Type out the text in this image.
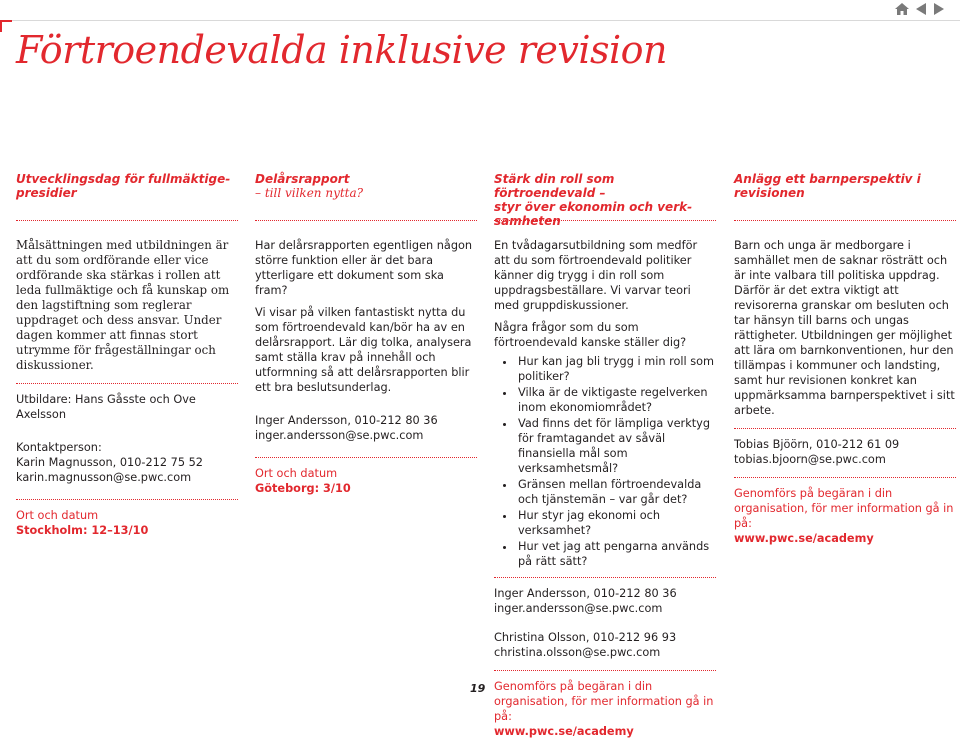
Förtroendevalda inklusive revision
Utvecklingsdag för fullmäktige-
presidier

Målsättningen med utbildningen är att du som ordförande eller vice ordförande ska stärkas i rollen att leda fullmäktige och få kunskap om den lagstiftning som reglerar uppdraget och dess ansvar. Under dagen kommer att finnas stort utrymme för frågeställningar och diskussioner.

Utbildare: Hans Gåsste och Ove Axelsson
Kontaktperson:
Karin Magnusson, 010-212 75 52
karin.magnusson@se.pwc.com
Ort och datum
Stockholm: 12–13/10
Delårsrapport
– till vilken nytta?

Har delårsrapporten egentligen någon större funktion eller är det bara ytterligare ett dokument som ska fram?

Vi visar på vilken fantastiskt nytta du som förtroendevald kan/bör ha av en delårsrapport. Lär dig tolka, analysera samt ställa krav på innehåll och utformning så att delårsrapporten blir ett bra beslutsunderlag.

Inger Andersson, 010-212 80 36
inger.andersson@se.pwc.com
Ort och datum
Göteborg: 3/10
Stärk din roll som förtroendevald –
styr över ekonomin och verk-
samheten

En tvådagarsutbildning som medför att du som förtroendevald politiker känner dig trygg i din roll som uppdragsbeställare. Vi varvar teori med gruppdiskussioner.

Några frågor som du som förtroendevald kanske ställer dig?

• Hur kan jag bli trygg i min roll som politiker?
• Vilka är de viktigaste regelverken inom ekonomiområdet?
• Vad finns det för lämpliga verktyg för framtagandet av såväl finansiella mål som verksamhetsmål?
• Gränsen mellan förtroendevalda och tjänstemän – var går det?
• Hur styr jag ekonomi och verksamhet?
• Hur vet jag att pengarna används på rätt sätt?
Inger Andersson, 010-212 80 36
inger.andersson@se.pwc.com
Christina Olsson, 010-212 96 93
christina.olsson@se.pwc.com
Genomförs på begäran i din organisation, för mer information gå in på:
www.pwc.se/academy
Anlägg ett barnperspektiv i
revisionen

Barn och unga är medborgare i samhället men de saknar rösträtt och är inte valbara till politiska uppdrag. Därför är det extra viktigt att revisorerna granskar om besluten och tar hänsyn till barns och ungas rättigheter. Utbildningen ger möjlighet att lära om barnkonventionen, hur den tillämpas i kommuner och landsting, samt hur revisionen konkret kan uppmärksamma barnperspektivet i sitt arbete.

Tobias Bjöörn, 010-212 61 09
tobias.bjoorn@se.pwc.com
Genomförs på begäran i din organisation, för mer information gå in på:
www.pwc.se/academy
19
